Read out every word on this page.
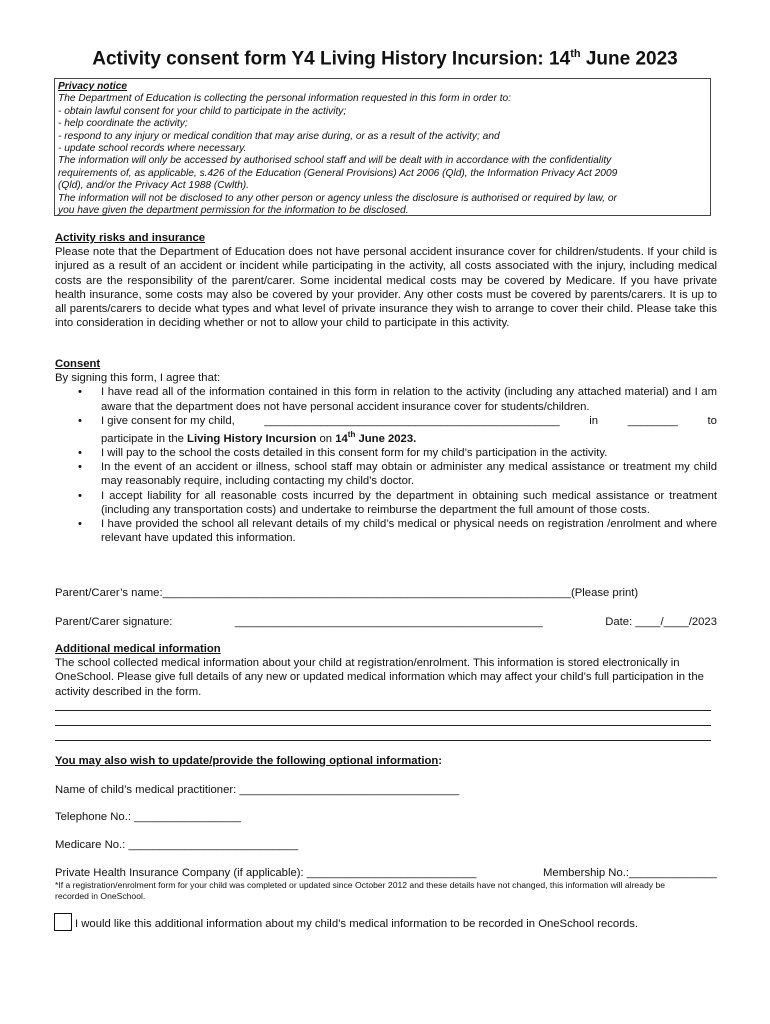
Activity consent form Y4 Living History Incursion: 14th June 2023
Privacy notice
The Department of Education is collecting the personal information requested in this form in order to:
- obtain lawful consent for your child to participate in the activity;
- help coordinate the activity;
- respond to any injury or medical condition that may arise during, or as a result of the activity; and
- update school records where necessary.
The information will only be accessed by authorised school staff and will be dealt with in accordance with the confidentiality
requirements of, as applicable, s.426 of the Education (General Provisions) Act 2006 (Qld), the Information Privacy Act 2009
(Qld), and/or the Privacy Act 1988 (Cwlth).
The information will not be disclosed to any other person or agency unless the disclosure is authorised or required by law, or
you have given the department permission for the information to be disclosed.
Activity risks and insurance
Please note that the Department of Education does not have personal accident insurance cover for children/students. If your child is injured as a result of an accident or incident while participating in the activity, all costs associated with the injury, including medical costs are the responsibility of the parent/carer. Some incidental medical costs may be covered by Medicare. If you have private health insurance, some costs may also be covered by your provider. Any other costs must be covered by parents/carers. It is up to all parents/carers to decide what types and what level of private insurance they wish to arrange to cover their child. Please take this into consideration in deciding whether or not to allow your child to participate in this activity.
Consent
By signing this form, I agree that:
• I have read all of the information contained in this form in relation to the activity (including any attached material) and I am aware that the department does not have personal accident insurance cover for students/children.
• I give consent for my child,	_______________________________________________	in	________	to
participate in the Living History Incursion on 14th June 2023.
• I will pay to the school the costs detailed in this consent form for my child’s participation in the activity.
• In the event of an accident or illness, school staff may obtain or administer any medical assistance or treatment my child may reasonably require, including contacting my child’s doctor.
• I accept liability for all reasonable costs incurred by the department in obtaining such medical assistance or treatment (including any transportation costs) and undertake to reimburse the department the full amount of those costs.
• I have provided the school all relevant details of my child’s medical or physical needs on registration /enrolment and where relevant have updated this information.
Parent/Carer’s name: _________________________________________________________________ (Please print)
Parent/Carer signature:	_________________________________________________	Date: ____/____/2023
Additional medical information
The school collected medical information about your child at registration/enrolment. This information is stored electronically in OneSchool. Please give full details of any new or updated medical information which may affect your child’s full participation in the activity described in the form.
You may also wish to update/provide the following optional information:
Name of child’s medical practitioner: ___________________________________
Telephone No.: _________________
Medicare No.: ___________________________
Private Health Insurance Company (if applicable): ___________________________	Membership No.:______________
*If a registration/enrolment form for your child was completed or updated since October 2012 and these details have not changed, this information will already be recorded in OneSchool.
I would like this additional information about my child’s medical information to be recorded in OneSchool records.
